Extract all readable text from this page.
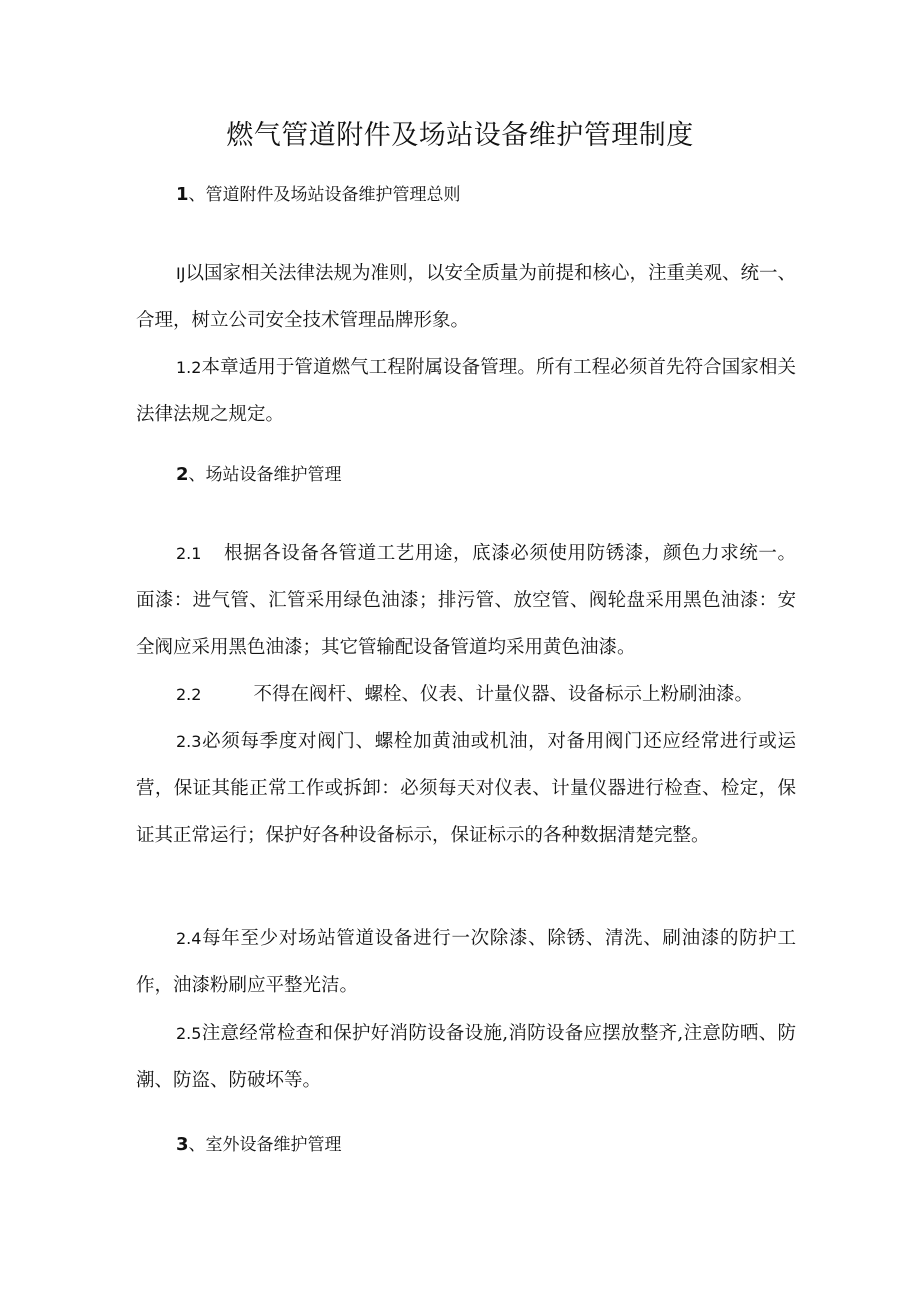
燃气管道附件及场站设备维护管理制度
1、管道附件及场站设备维护管理总则
IJ以国家相关法律法规为准则，以安全质量为前提和核心，注重美观、统一、合理，树立公司安全技术管理品牌形象。
1.2本章适用于管道燃气工程附属设备管理。所有工程必须首先符合国家相关法律法规之规定。
2、场站设备维护管理
2.1 根据各设备各管道工艺用途，底漆必须使用防锈漆，颜色力求统一。面漆：进气管、汇管采用绿色油漆；排污管、放空管、阀轮盘采用黑色油漆：安全阀应采用黑色油漆；其它管输配设备管道均采用黄色油漆。
2.2	不得在阀杆、螺栓、仪表、计量仪器、设备标示上粉刷油漆。
2.3必须每季度对阀门、螺栓加黄油或机油，对备用阀门还应经常进行或运营，保证其能正常工作或拆卸：必须每天对仪表、计量仪器进行检查、检定，保证其正常运行；保护好各种设备标示，保证标示的各种数据清楚完整。
2.4每年至少对场站管道设备进行一次除漆、除锈、清洗、刷油漆的防护工作，油漆粉刷应平整光洁。
2.5注意经常检查和保护好消防设备设施,消防设备应摆放整齐,注意防晒、防潮、防盗、防破坏等。
3、室外设备维护管理
